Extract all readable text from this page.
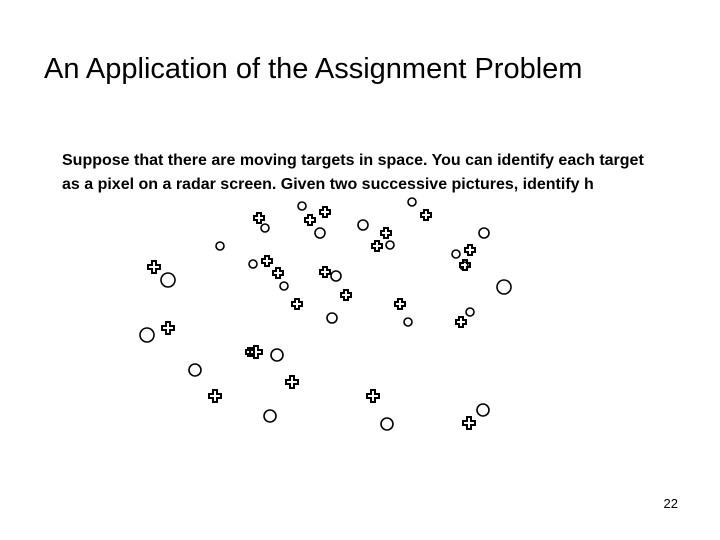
An Application of the Assignment Problem
Suppose that there are moving targets in space. You can identify each target as a pixel on a radar screen. Given two successive pictures, identify h
22
